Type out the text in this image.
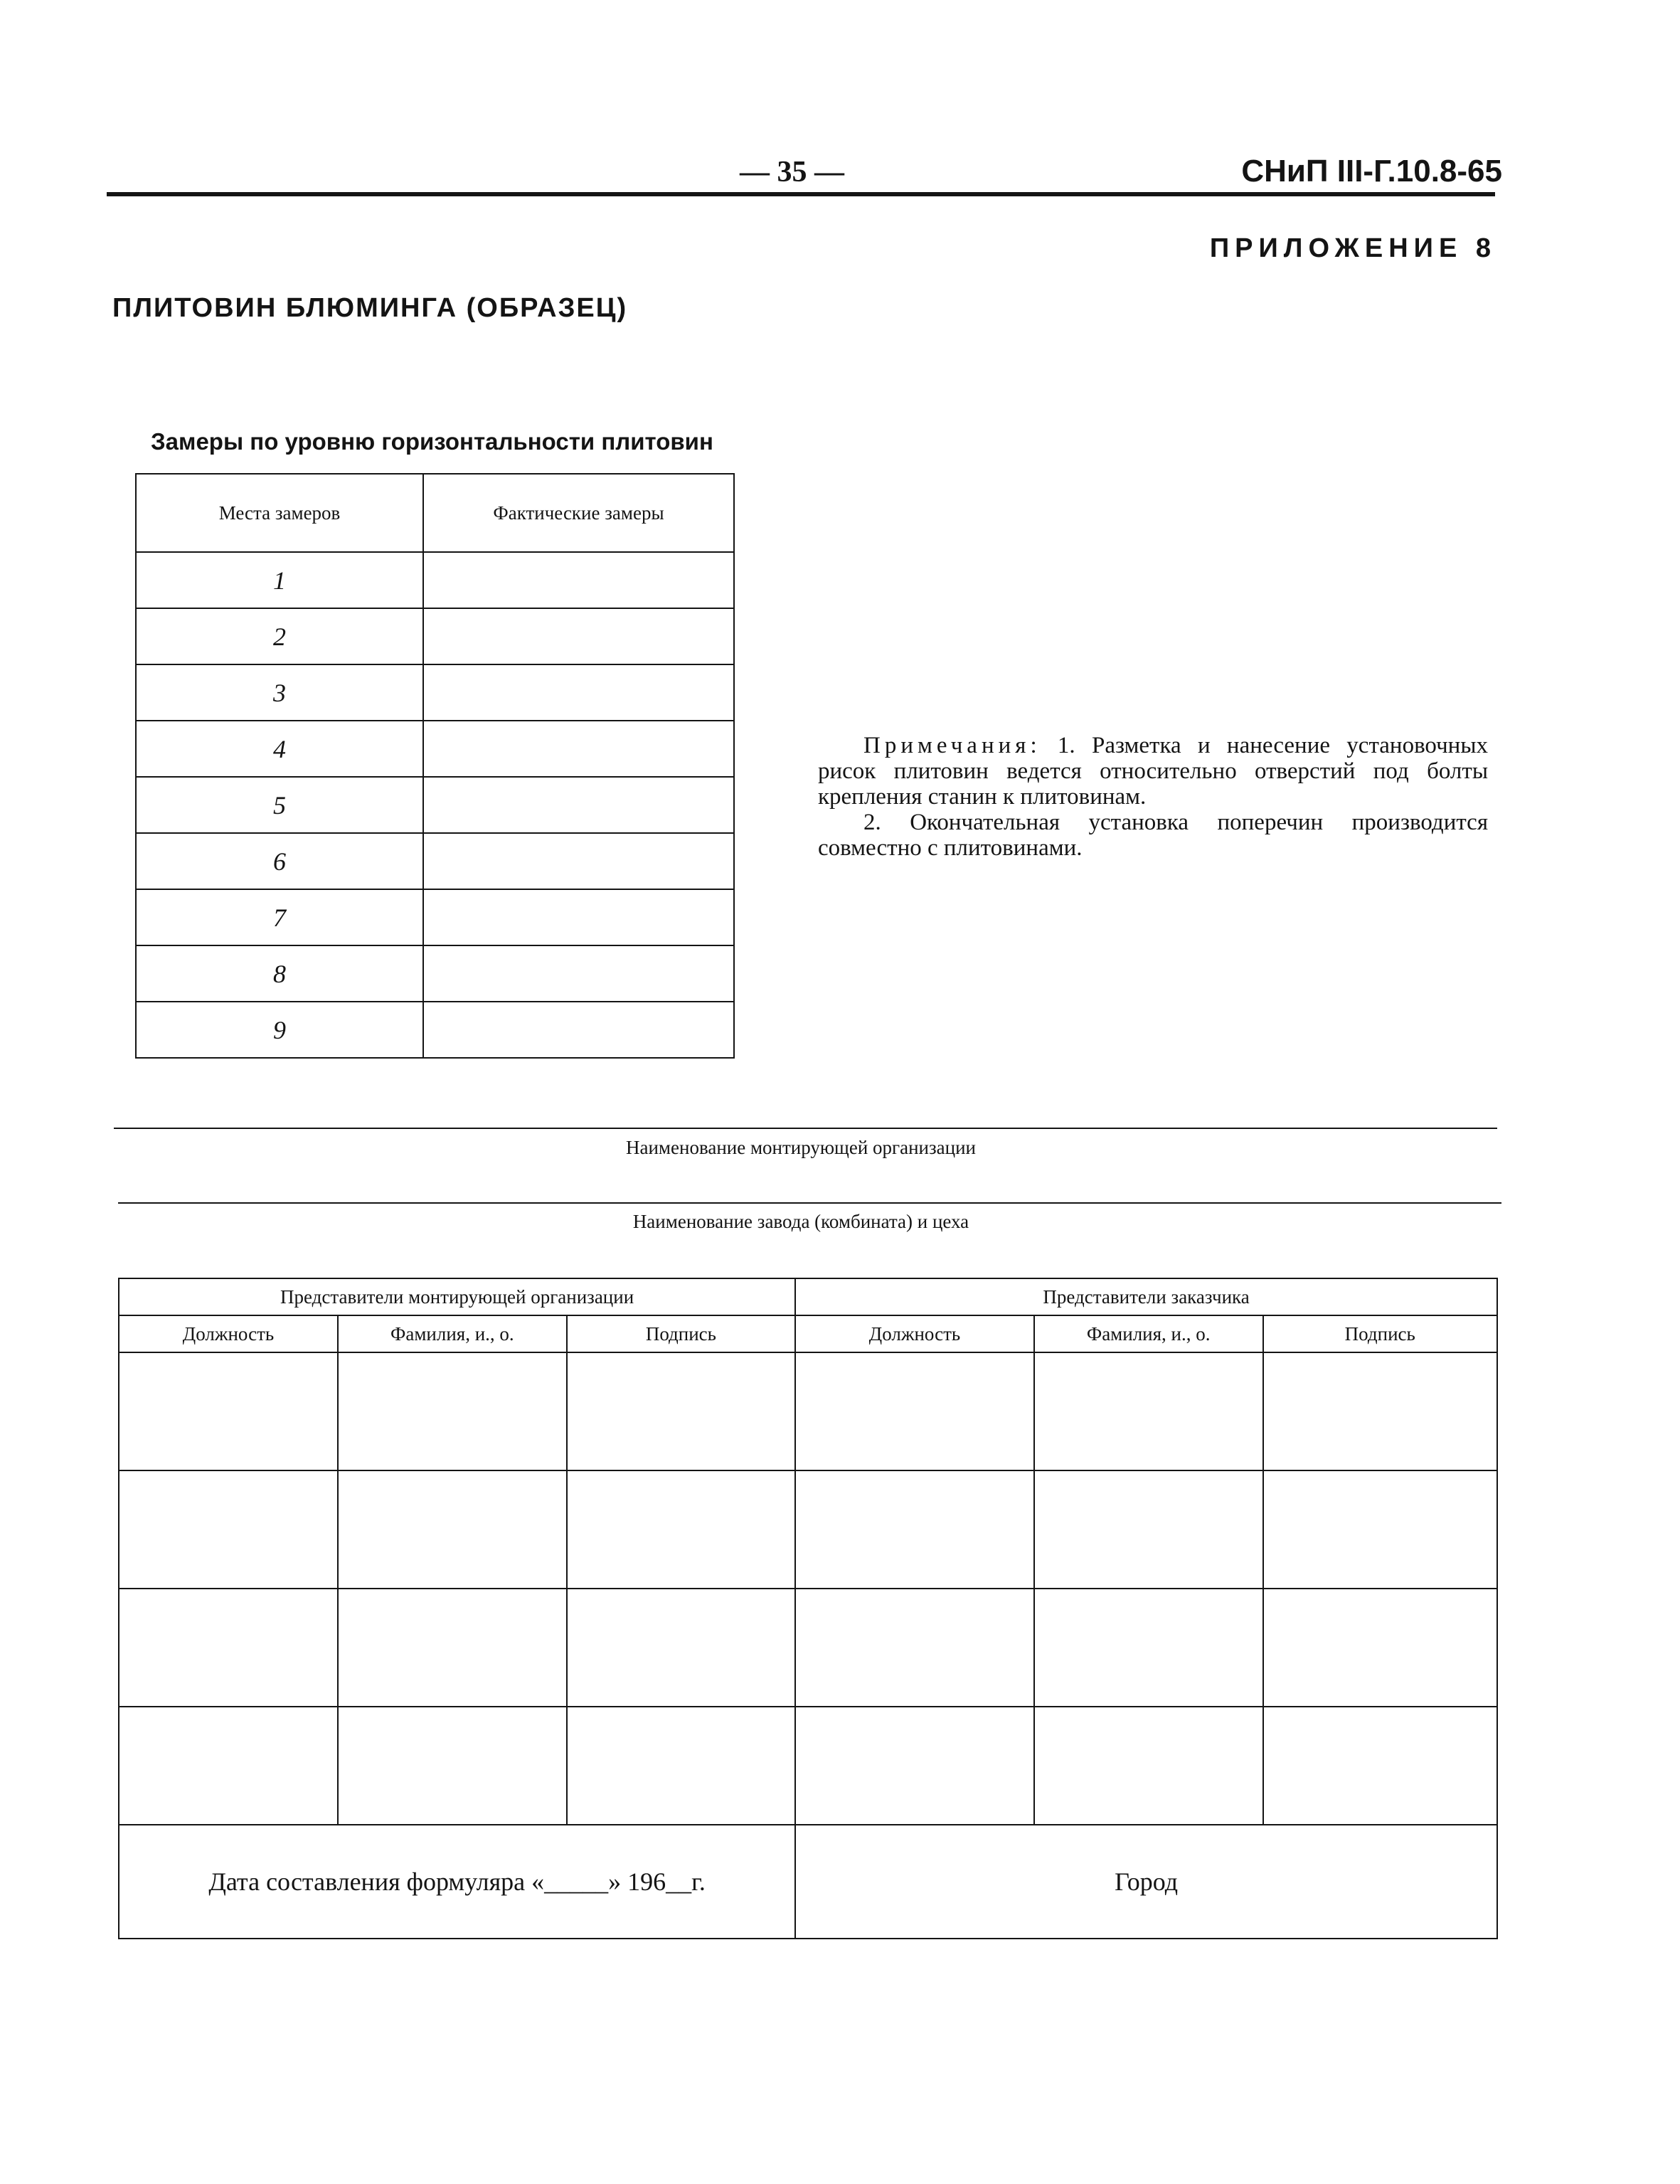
— 35 —	СНиП III-Г.10.8-65
ПРИЛОЖЕНИЕ 8
ПЛИТОВИН БЛЮМИНГА (ОБРАЗЕЦ)
Замеры по уровню горизонтальности плитовин
Места замеров	Фактические замеры
1	
2	
3	
4	
5	
6	
7	
8	
9	

Примечания: 1. Разметка и нанесение установочных рисок плитовин ведется относительно отверстий под болты крепления станин к плитовинам.

2. Окончательная установка поперечин производится совместно с плитовинами.

Наименование монтирующей организации
Наименование завода (комбината) и цеха
Представители монтирующей организации			Представители заказчика		
Должность	Фамилия, и., о.	Подпись	Должность	Фамилия, и., о.	Подпись

Дата составления формуляра «_____» 196__г.			Город		
